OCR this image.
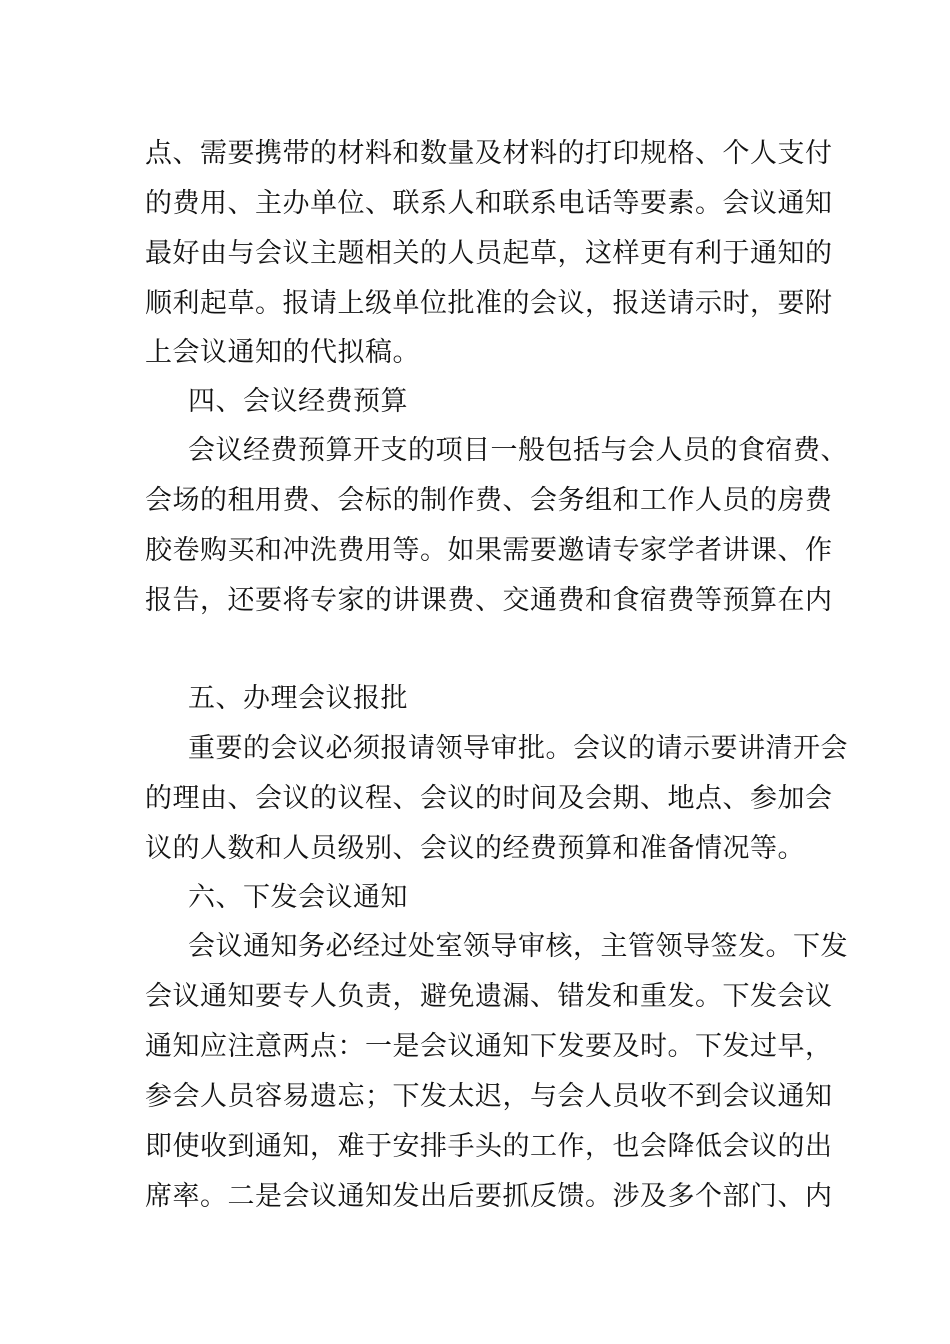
点、需要携带的材料和数量及材料的打印规格、个人支付
的费用、主办单位、联系人和联系电话等要素。会议通知
最好由与会议主题相关的人员起草，这样更有利于通知的
顺利起草。报请上级单位批准的会议，报送请示时，要附
上会议通知的代拟稿。
四、会议经费预算
会议经费预算开支的项目一般包括与会人员的食宿费、
会场的租用费、会标的制作费、会务组和工作人员的房费
胶卷购买和冲洗费用等。如果需要邀请专家学者讲课、作
报告，还要将专家的讲课费、交通费和食宿费等预算在内
五、办理会议报批
重要的会议必须报请领导审批。会议的请示要讲清开会
的理由、会议的议程、会议的时间及会期、地点、参加会
议的人数和人员级别、会议的经费预算和准备情况等。
六、下发会议通知
会议通知务必经过处室领导审核，主管领导签发。下发
会议通知要专人负责，避免遗漏、错发和重发。下发会议
通知应注意两点：一是会议通知下发要及时。下发过早，
参会人员容易遗忘；下发太迟，与会人员收不到会议通知
即使收到通知，难于安排手头的工作，也会降低会议的出
席率。二是会议通知发出后要抓反馈。涉及多个部门、内
